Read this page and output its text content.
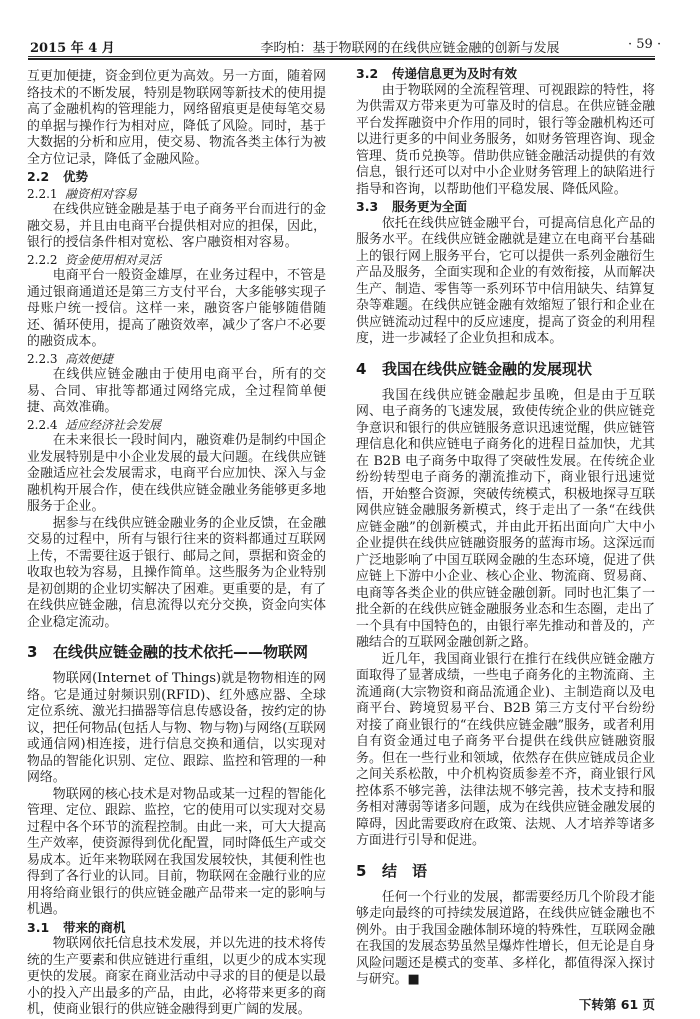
2015 年 4 月	李昀柏：基于物联网的在线供应链金融的创新与发展	· 59 ·

互更加便捷，资金到位更为高效。另一方面，随着网络技术的不断发展，特别是物联网等新技术的使用提高了金融机构的管理能力，网络留痕更是使每笔交易的单据与操作行为相对应，降低了风险。同时，基于大数据的分析和应用，使交易、物流各类主体行为被全方位记录，降低了金融风险。

2.2 优势
2.2.1 融资相对容易

在线供应链金融是基于电子商务平台而进行的金融交易，并且由电商平台提供相对应的担保，因此，银行的授信条件相对宽松、客户融资相对容易。

2.2.2 资金使用相对灵活

电商平台一般资金雄厚，在业务过程中，不管是通过银商通道还是第三方支付平台，大多能够实现子母账户统一授信。这样一来，融资客户能够随借随还、循环使用，提高了融资效率，减少了客户不必要的融资成本。

2.2.3 高效便捷

在线供应链金融由于使用电商平台，所有的交易、合同、审批等都通过网络完成，全过程简单便捷、高效准确。

2.2.4 适应经济社会发展

在未来很长一段时间内，融资难仍是制约中国企业发展特别是中小企业发展的最大问题。在线供应链金融适应社会发展需求，电商平台应加快、深入与金融机构开展合作，使在线供应链金融业务能够更多地服务于企业。

据参与在线供应链金融业务的企业反馈，在金融交易的过程中，所有与银行往来的资料都通过互联网上传，不需要往返于银行、邮局之间，票据和资金的收取也较为容易，且操作简单。这些服务为企业特别是初创期的企业切实解决了困难。更重要的是，有了在线供应链金融，信息流得以充分交换，资金向实体企业稳定流动。

3 在线供应链金融的技术依托——物联网

物联网(Internet of Things)就是物物相连的网络。它是通过射频识别(RFID)、红外感应器、全球定位系统、激光扫描器等信息传感设备，按约定的协议，把任何物品(包括人与物、物与物)与网络(互联网或通信网)相连接，进行信息交换和通信，以实现对物品的智能化识别、定位、跟踪、监控和管理的一种网络。

物联网的核心技术是对物品或某一过程的智能化管理、定位、跟踪、监控，它的使用可以实现对交易过程中各个环节的流程控制。由此一来，可大大提高生产效率，使资源得到优化配置，同时降低生产或交易成本。近年来物联网在我国发展较快，其便利性也得到了各行业的认同。目前，物联网在金融行业的应用将给商业银行的供应链金融产品带来一定的影响与机遇。

3.1 带来的商机

物联网依托信息技术发展，并以先进的技术将传统的生产要素和供应链进行重组，以更少的成本实现更快的发展。商家在商业活动中寻求的目的便是以最小的投入产出最多的产品，由此，必将带来更多的商机，使商业银行的供应链金融得到更广阔的发展。

3.2 传递信息更为及时有效

由于物联网的全流程管理、可视跟踪的特性，将为供需双方带来更为可靠及时的信息。在供应链金融平台发挥融资中介作用的同时，银行等金融机构还可以进行更多的中间业务服务，如财务管理咨询、现金管理、货币兑换等。借助供应链金融活动提供的有效信息，银行还可以对中小企业财务管理上的缺陷进行指导和咨询，以帮助他们平稳发展、降低风险。

3.3 服务更为全面

依托在线供应链金融平台，可提高信息化产品的服务水平。在线供应链金融就是建立在电商平台基础上的银行网上服务平台，它可以提供一系列金融衍生产品及服务，全面实现和企业的有效衔接，从而解决生产、制造、零售等一系列环节中信用缺失、结算复杂等难题。在线供应链金融有效缩短了银行和企业在供应链流动过程中的反应速度，提高了资金的利用程度，进一步减轻了企业负担和成本。

4 我国在线供应链金融的发展现状

我国在线供应链金融起步虽晚，但是由于互联网、电子商务的飞速发展，致使传统企业的供应链竞争意识和银行的供应链服务意识迅速觉醒，供应链管理信息化和供应链电子商务化的进程日益加快，尤其在 B2B 电子商务中取得了突破性发展。在传统企业纷纷转型电子商务的潮流推动下，商业银行迅速觉悟，开始整合资源，突破传统模式，积极地探寻互联网供应链金融服务新模式，终于走出了一条“在线供应链金融”的创新模式，并由此开拓出面向广大中小企业提供在线供应链融资服务的蓝海市场。这深远而广泛地影响了中国互联网金融的生态环境，促进了供应链上下游中小企业、核心企业、物流商、贸易商、电商等各类企业的供应链金融创新。同时也汇集了一批全新的在线供应链金融服务业态和生态圈，走出了一个具有中国特色的，由银行率先推动和普及的，产融结合的互联网金融创新之路。

近几年，我国商业银行在推行在线供应链金融方面取得了显著成绩，一些电子商务化的主物流商、主流通商(大宗物资和商品流通企业)、主制造商以及电商平台、跨境贸易平台、B2B 第三方支付平台纷纷对接了商业银行的“在线供应链金融”服务，或者利用自有资金通过电子商务平台提供在线供应链融资服务。但在一些行业和领域，依然存在供应链成员企业之间关系松散，中介机构资质参差不齐，商业银行风控体系不够完善，法律法规不够完善，技术支持和服务相对薄弱等诸多问题，成为在线供应链金融发展的障碍，因此需要政府在政策、法规、人才培养等诸多方面进行引导和促进。

5 结　语

任何一个行业的发展，都需要经历几个阶段才能够走向最终的可持续发展道路，在线供应链金融也不例外。由于我国金融体制环境的特殊性，互联网金融在我国的发展态势虽然呈爆炸性增长，但无论是自身风险问题还是模式的变革、多样化，都值得深入探讨与研究。■

下转第 61 页
